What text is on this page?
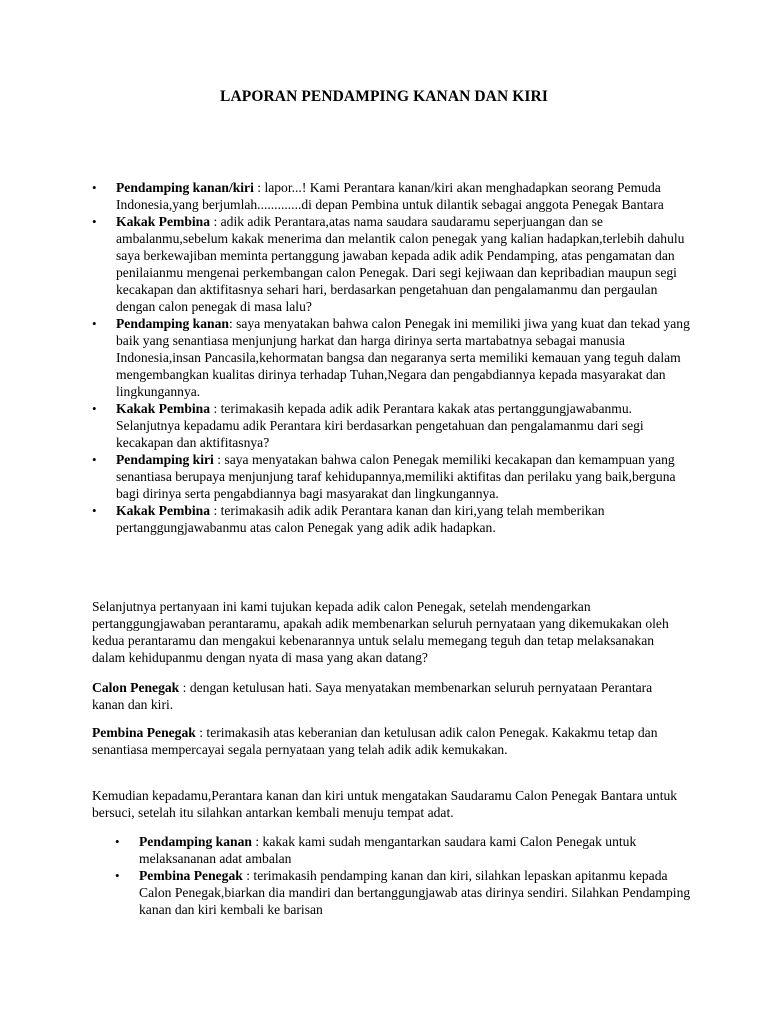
LAPORAN PENDAMPING KANAN DAN KIRI
• Pendamping kanan/kiri : lapor...! Kami Perantara kanan/kiri akan menghadapkan seorang Pemuda Indonesia,yang berjumlah.............di depan Pembina untuk dilantik sebagai anggota Penegak Bantara
• Kakak Pembina : adik adik Perantara,atas nama saudara saudaramu seperjuangan dan se ambalanmu,sebelum kakak menerima dan melantik calon penegak yang kalian hadapkan,terlebih dahulu saya berkewajiban meminta pertanggung jawaban kepada adik adik Pendamping, atas pengamatan dan penilaianmu mengenai perkembangan calon Penegak. Dari segi kejiwaan dan kepribadian maupun segi kecakapan dan aktifitasnya sehari hari, berdasarkan pengetahuan dan pengalamanmu dan pergaulan dengan calon penegak di masa lalu?
• Pendamping kanan: saya menyatakan bahwa calon Penegak ini memiliki jiwa yang kuat dan tekad yang baik yang senantiasa menjunjung harkat dan harga dirinya serta martabatnya sebagai manusia Indonesia,insan Pancasila,kehormatan bangsa dan negaranya serta memiliki kemauan yang teguh dalam mengembangkan kualitas dirinya terhadap Tuhan,Negara dan pengabdiannya kepada masyarakat dan lingkungannya.
• Kakak Pembina : terimakasih kepada adik adik Perantara kakak atas pertanggungjawabanmu. Selanjutnya kepadamu adik Perantara kiri berdasarkan pengetahuan dan pengalamanmu dari segi kecakapan dan aktifitasnya?
• Pendamping kiri : saya menyatakan bahwa calon Penegak memiliki kecakapan dan kemampuan yang senantiasa berupaya menjunjung taraf kehidupannya,memiliki aktifitas dan perilaku yang baik,berguna bagi dirinya serta pengabdiannya bagi masyarakat dan lingkungannya.
• Kakak Pembina : terimakasih adik adik Perantara kanan dan kiri,yang telah memberikan pertanggungjawabanmu atas calon Penegak yang adik adik hadapkan.

Selanjutnya pertanyaan ini kami tujukan kepada adik calon Penegak, setelah mendengarkan pertanggungjawaban perantaramu, apakah adik membenarkan seluruh pernyataan yang dikemukakan oleh kedua perantaramu dan mengakui kebenarannya untuk selalu memegang teguh dan tetap melaksanakan dalam kehidupanmu dengan nyata di masa yang akan datang?

Calon Penegak : dengan ketulusan hati. Saya menyatakan membenarkan seluruh pernyataan Perantara kanan dan kiri.

Pembina Penegak : terimakasih atas keberanian dan ketulusan adik calon Penegak. Kakakmu tetap dan senantiasa mempercayai segala pernyataan yang telah adik adik kemukakan.

Kemudian kepadamu,Perantara kanan dan kiri untuk mengatakan Saudaramu Calon Penegak Bantara untuk bersuci, setelah itu silahkan antarkan kembali menuju tempat adat.

• Pendamping kanan : kakak kami sudah mengantarkan saudara kami Calon Penegak untuk melaksananan adat ambalan
• Pembina Penegak : terimakasih pendamping kanan dan kiri, silahkan lepaskan apitanmu kepada Calon Penegak,biarkan dia mandiri dan bertanggungjawab atas dirinya sendiri. Silahkan Pendamping kanan dan kiri kembali ke barisan
